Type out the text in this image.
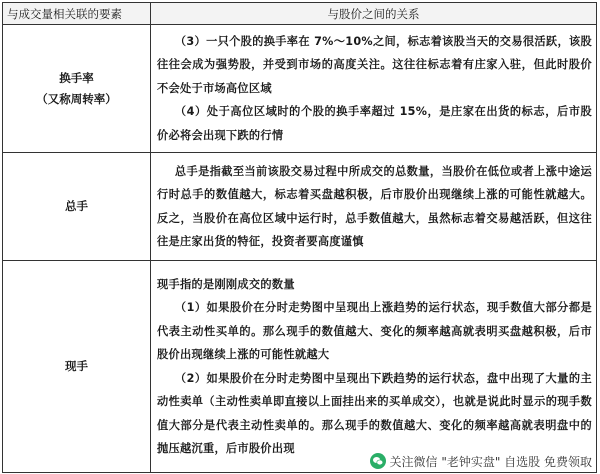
与成交量相关联的要素	与股价之间的关系

换手率
（又称周转率）	（3）一只个股的换手率在 7%～10%之间，标志着该股当天的交易很活跃，该股往往会成为强势股，并受到市场的高度关注。这往往标志着有庄家入驻，但此时股价不会处于市场高位区域
（4）处于高位区域时的个股的换手率超过 15%，是庄家在出货的标志，后市股价必将会出现下跌的行情

总手	总手是指截至当前该股交易过程中所成交的总数量，当股价在低位或者上涨中途运行时总手的数值越大，标志着买盘越积极，后市股价出现继续上涨的可能性就越大。反之，当股价在高位区域中运行时，总手数值越大，虽然标志着交易越活跃，但这往往是庄家出货的特征，投资者要高度谨慎

现手	现手指的是刚刚成交的数量
（1）如果股价在分时走势图中呈现出上涨趋势的运行状态，现手数值大部分都是代表主动性买单的。那么现手的数值越大、变化的频率越高就表明买盘越积极，后市股价出现继续上涨的可能性就越大
（2）如果股价在分时走势图中呈现出下跌趋势的运行状态，盘中出现了大量的主动性卖单（主动性卖单即直接以上面挂出来的买单成交），也就是说此时显示的现手数值大部分是代表主动性卖单的。那么现手的数值越大、变化的频率越高就表明盘中的抛压越沉重，后市股价出现
关注微信 "老钟实盘" 自选股 免费领取
